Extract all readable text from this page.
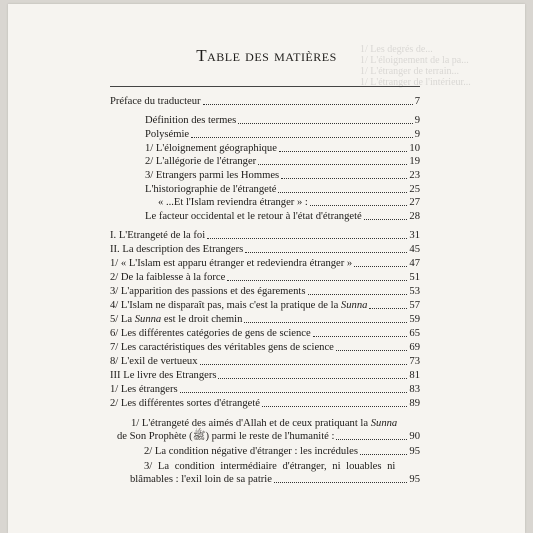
1/ Les degrés de...
1/ L'éloignement de la pa...
1/ L'étranger de terrain...
1/ L'étranger de l'intérieur...
Table des matières
Préface du traducteur	7
Définition des termes	9
Polysémie	9
1/ L'éloignement géographique	10
2/ L'allégorie de l'étranger	19
3/ Etrangers parmi les Hommes	23
L'historiographie de l'étrangeté	25
« ...Et l'Islam reviendra étranger » :	27
Le facteur occidental et le retour à l'état d'étrangeté	28
I. L'Etrangeté de la foi	31
II. La description des Etrangers	45
1/ « L'Islam est apparu étranger et redeviendra étranger »	47
2/ De la faiblesse à la force	51
3/ L'apparition des passions et des égarements	53
4/ L'Islam ne disparaît pas, mais c'est la pratique de la Sunna	57
5/ La Sunna est le droit chemin	59
6/ Les différentes catégories de gens de science	65
7/ Les caractéristiques des véritables gens de science	69
8/ L'exil de vertueux	73
III Le livre des Etrangers	81
1/ Les étrangers	83
2/ Les différentes sortes d'étrangeté	89
1/ L'étrangeté des aimés d'Allah et de ceux pratiquant la Sunna
de Son Prophète (ﷺ) parmi le reste de l'humanité :	90
2/ La condition négative d'étranger : les incrédules	95
3/ La condition intermédiaire d'étranger, ni louables ni
blâmables : l'exil loin de sa patrie	95
